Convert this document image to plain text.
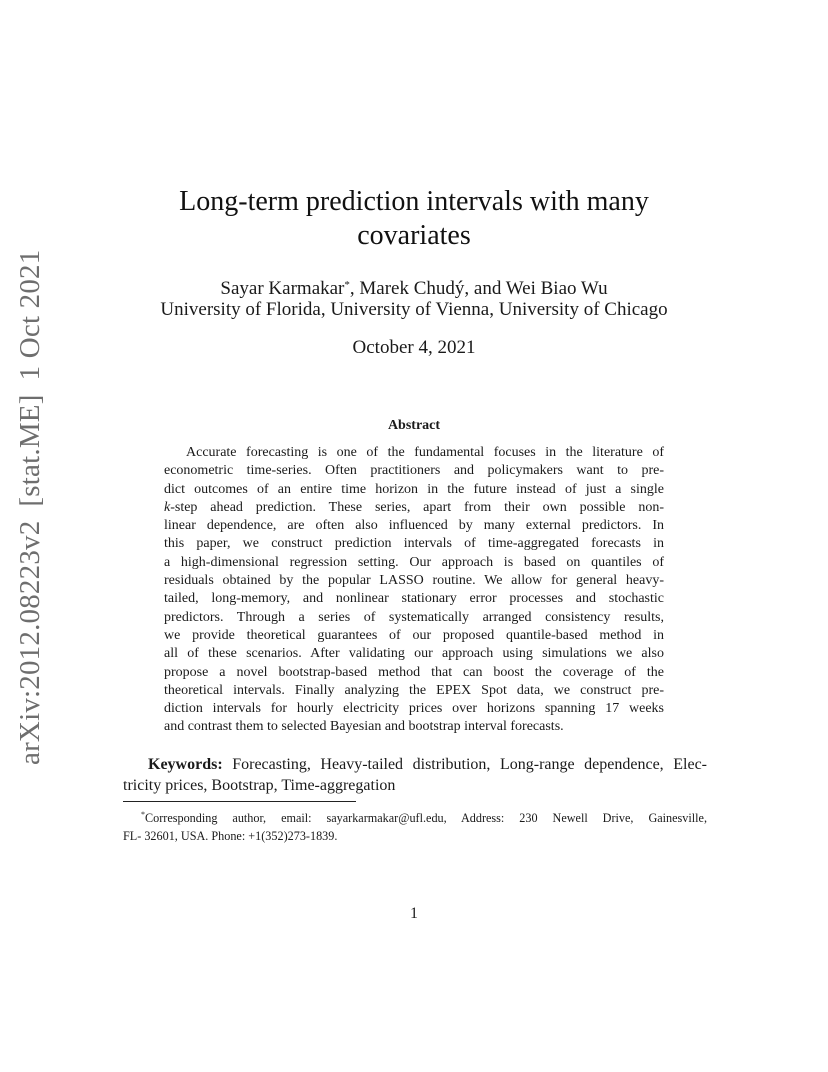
arXiv:2012.08223v2[stat.ME]1 Oct 2021
Long-term prediction intervals with many
covariates
Sayar Karmakar*, Marek Chudý, and Wei Biao Wu
University of Florida, University of Vienna, University of Chicago
October 4, 2021
Abstract
Accurate forecasting is one of the fundamental focuses in the literature of
econometric time-series. Often practitioners and policymakers want to pre-
dict outcomes of an entire time horizon in the future instead of just a single
k-step ahead prediction. These series, apart from their own possible non-
linear dependence, are often also influenced by many external predictors. In
this paper, we construct prediction intervals of time-aggregated forecasts in
a high-dimensional regression setting. Our approach is based on quantiles of
residuals obtained by the popular LASSO routine. We allow for general heavy-
tailed, long-memory, and nonlinear stationary error processes and stochastic
predictors. Through a series of systematically arranged consistency results,
we provide theoretical guarantees of our proposed quantile-based method in
all of these scenarios. After validating our approach using simulations we also
propose a novel bootstrap-based method that can boost the coverage of the
theoretical intervals. Finally analyzing the EPEX Spot data, we construct pre-
diction intervals for hourly electricity prices over horizons spanning 17 weeks
and contrast them to selected Bayesian and bootstrap interval forecasts.
Keywords: Forecasting, Heavy-tailed distribution, Long-range dependence, Elec-
tricity prices, Bootstrap, Time-aggregation
*Corresponding author, email: sayarkarmakar@ufl.edu, Address: 230 Newell Drive, Gainesville,
FL- 32601, USA. Phone: +1(352)273-1839.
1
